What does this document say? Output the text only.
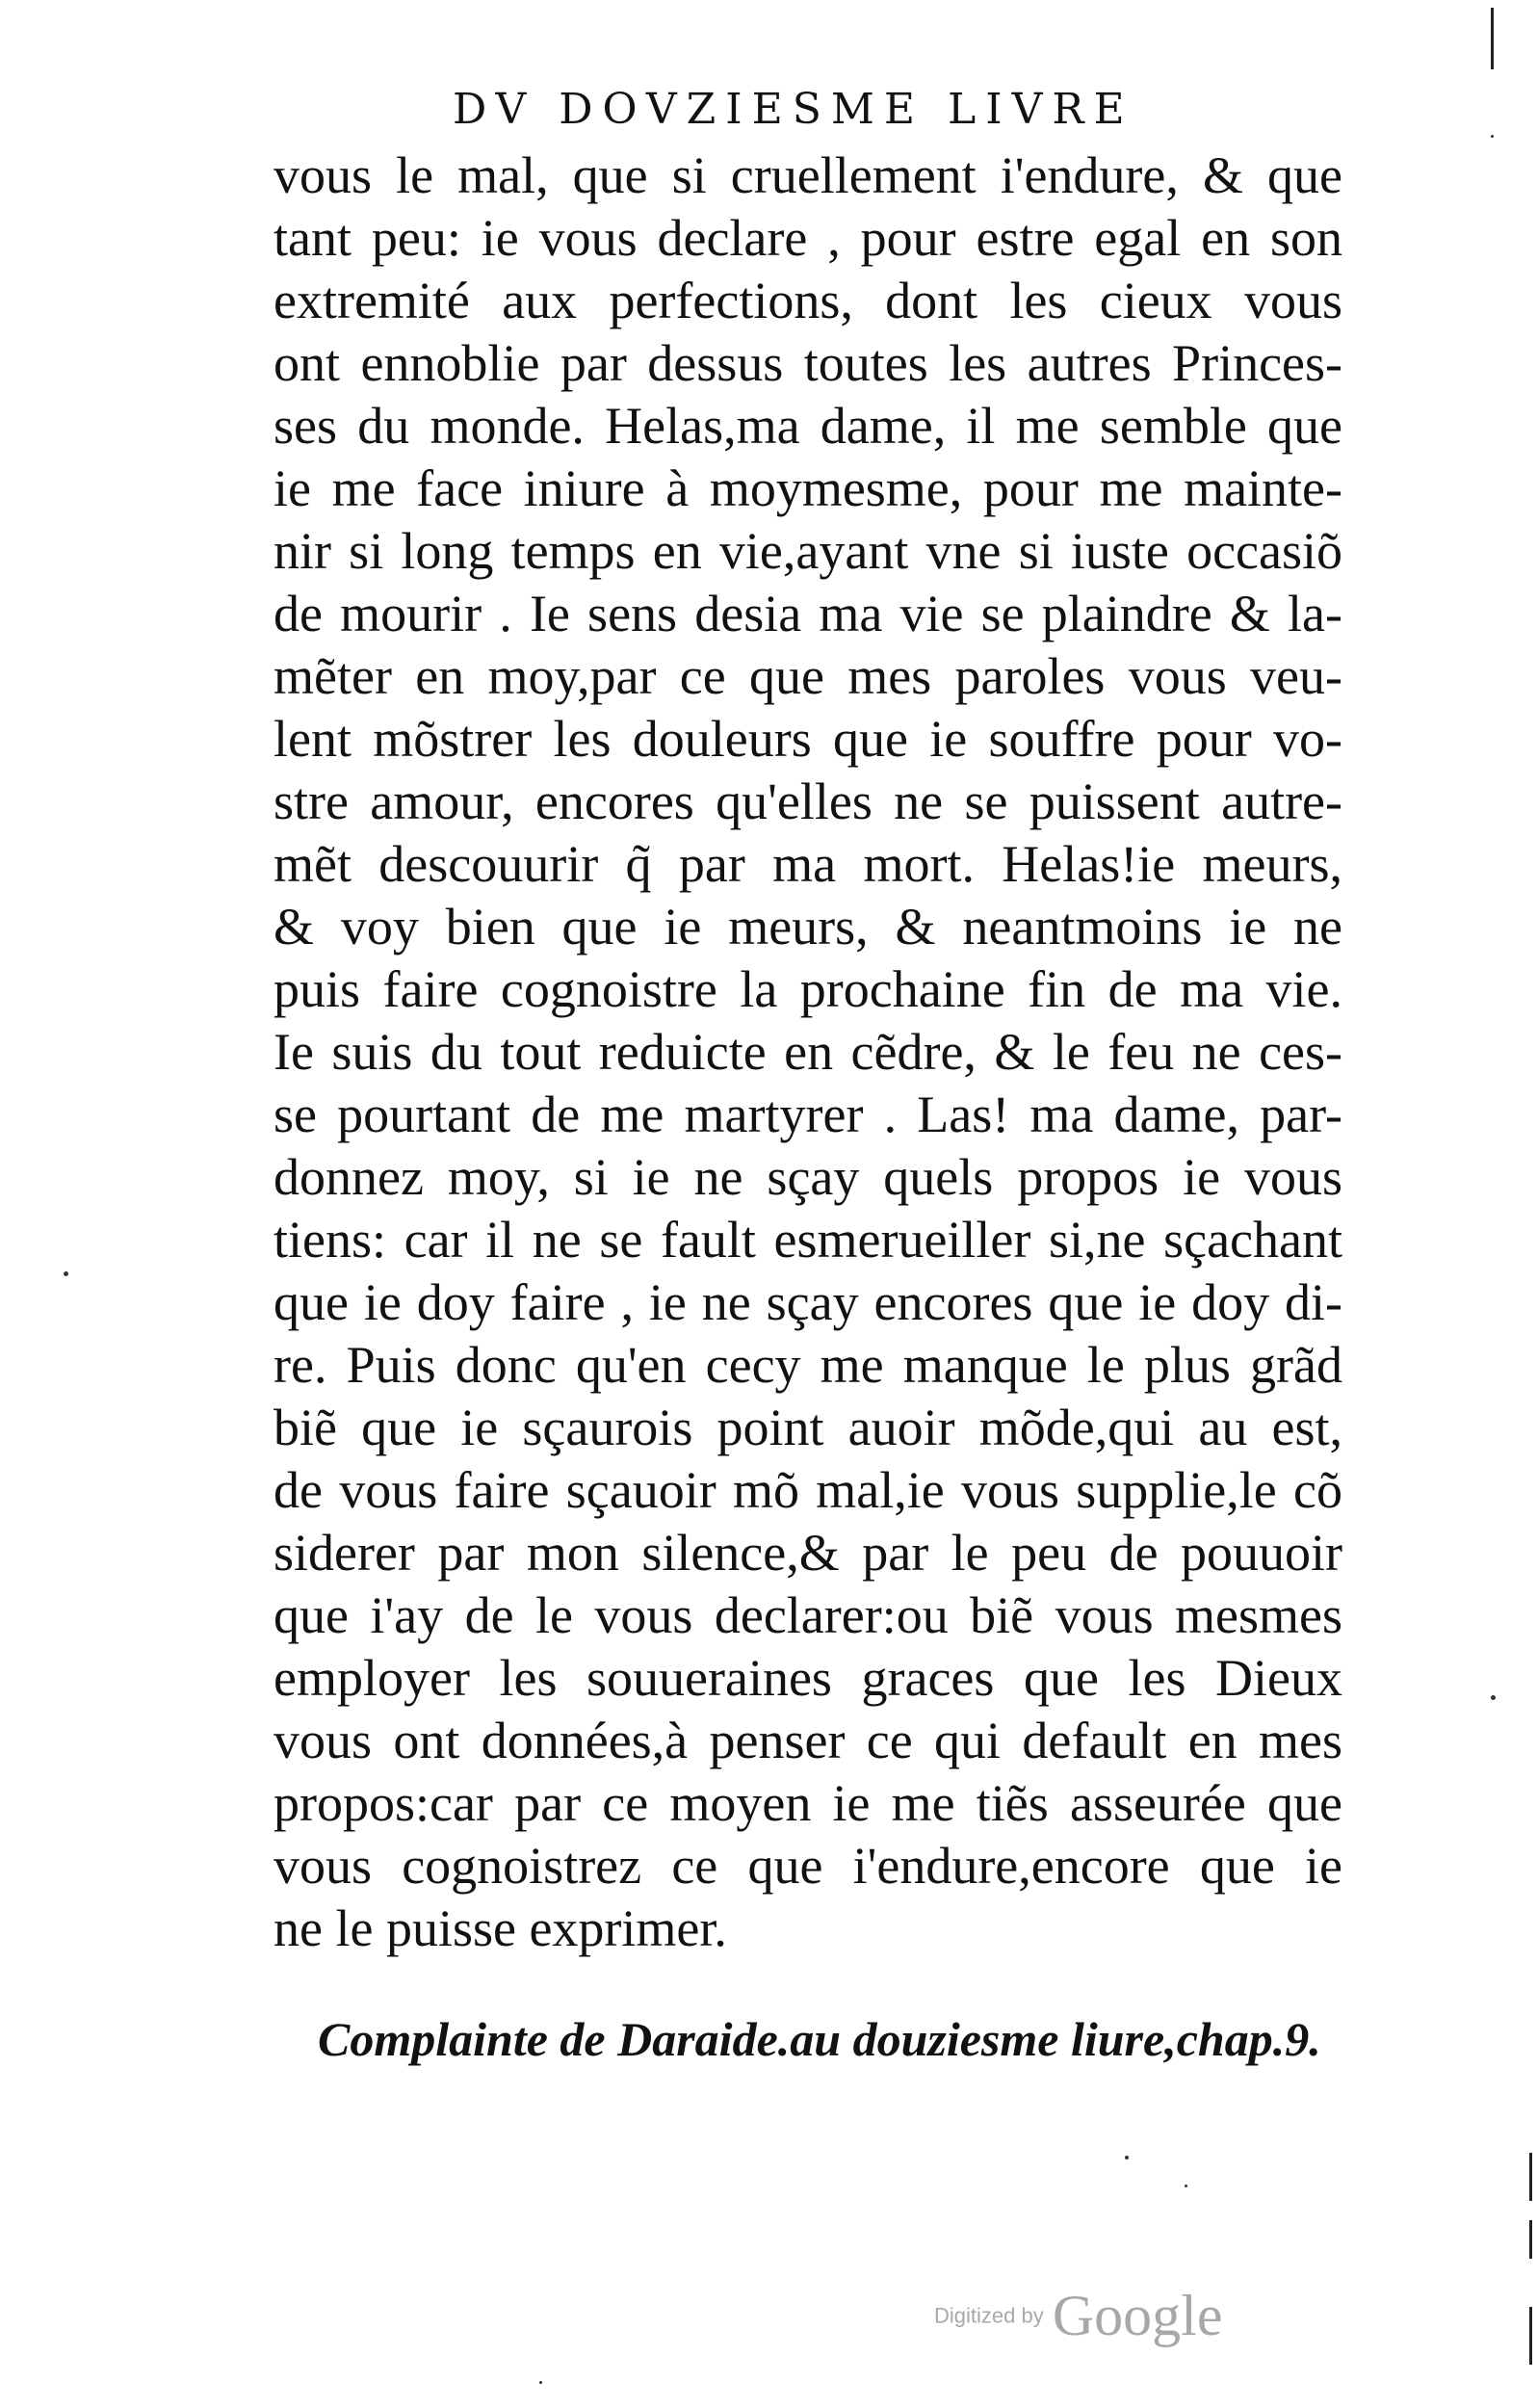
DV DOVZIESME LIVRE
vous le mal, que si cruellement i'endure, & que
tant peu: ie vous declare , pour estre egal en son
extremité aux perfections, dont les cieux vous
ont ennoblie par dessus toutes les autres Princes-
ses du monde. Helas,ma dame, il me semble que
ie me face iniure à moymesme, pour me mainte-
nir si long temps en vie,ayant vne si iuste occasiõ
de mourir . Ie sens desia ma vie se plaindre & la-
mẽter en moy,par ce que mes paroles vous veu-
lent mõstrer les douleurs que ie souffre pour vo-
stre amour, encores qu'elles ne se puissent autre-
mẽt descouurir q̃ par ma mort. Helas!ie meurs,
& voy bien que ie meurs, & neantmoins ie ne
puis faire cognoistre la prochaine fin de ma vie.
Ie suis du tout reduicte en cẽdre, & le feu ne ces-
se pourtant de me martyrer . Las! ma dame, par-
donnez moy, si ie ne sçay quels propos ie vous
tiens: car il ne se fault esmerueiller si,ne sçachant
que ie doy faire , ie ne sçay encores que ie doy di-
re. Puis donc qu'en cecy me manque le plus grãd
biẽ que ie sçaurois point auoir mõde,qui au est,
de vous faire sçauoir mõ mal,ie vous supplie,le cõ
siderer par mon silence,& par le peu de pouuoir
que i'ay de le vous declarer:ou biẽ vous mesmes
employer les souueraines graces que les Dieux
vous ont données,à penser ce qui default en mes
propos:car par ce moyen ie me tiẽs asseurée que
vous cognoistrez ce que i'endure,encore que ie
ne le puisse exprimer.
Complainte de Daraide.au douziesme liure,chap.9.
Digitized by Google
